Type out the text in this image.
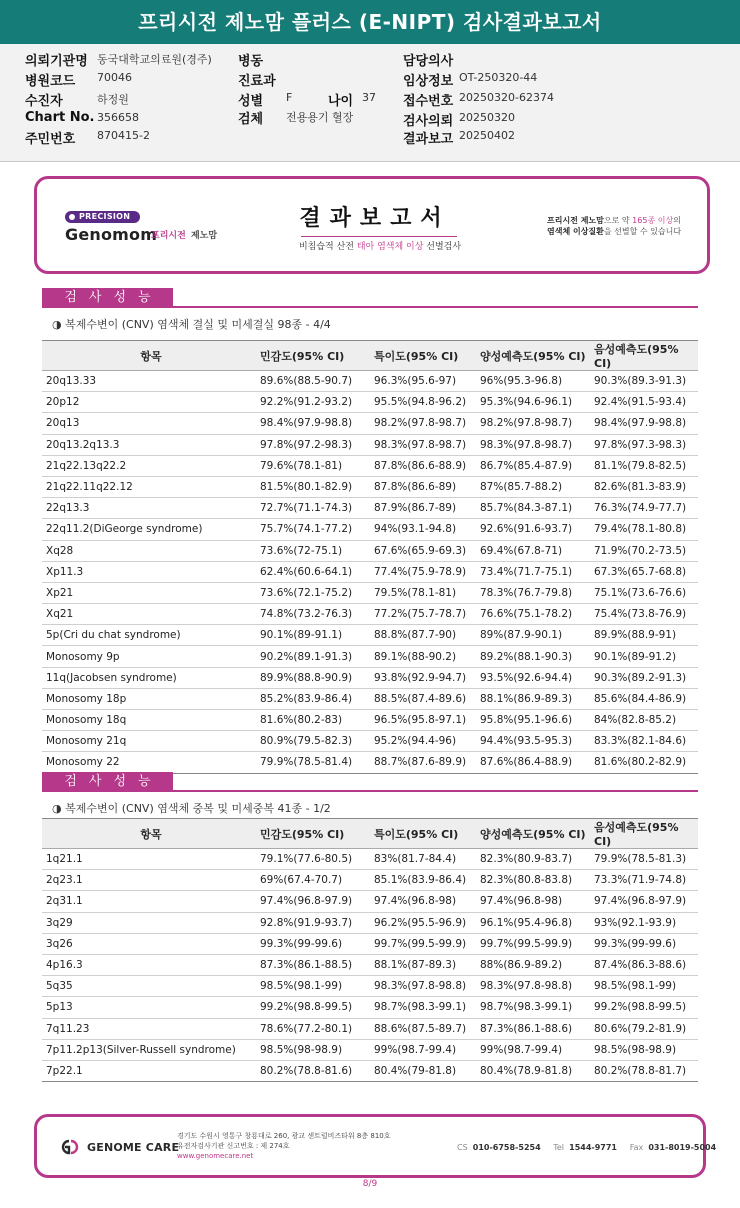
프리시전 제노맘 플러스 (E-NIPT) 검사결과보고서
의뢰기관명 동국대학교의료원(경주)
병원코드 70046
수진자	하정원
Chart No. 356658
주민번호 870415-2
병동
진료과
성별 F	나이 37
검체 전용용기 혈장
담당의사
임상정보 OT-250320-44
접수번호 20250320-62374
검사의뢰 20250320
결과보고 20250402
PRECISION
Genomom
프리시전 제노맘
결과보고서
비침습적 산전 태아 염색체 이상 선별검사
프리시전 제노맘으로 약 165종 이상의
염색체 이상질환을 선별할 수 있습니다
검사성능
◑ 복제수변이 (CNV) 염색체 결실 및 미세결실 98종 - 4/4
항목	민감도(95% CI)	특이도(95% CI)	양성예측도(95% CI)	음성예측도(95% CI)
20q13.33	89.6%(88.5-90.7)	96.3%(95.6-97)	96%(95.3-96.8)	90.3%(89.3-91.3)
20p12	92.2%(91.2-93.2)	95.5%(94.8-96.2)	95.3%(94.6-96.1)	92.4%(91.5-93.4)
20q13	98.4%(97.9-98.8)	98.2%(97.8-98.7)	98.2%(97.8-98.7)	98.4%(97.9-98.8)
20q13.2q13.3	97.8%(97.2-98.3)	98.3%(97.8-98.7)	98.3%(97.8-98.7)	97.8%(97.3-98.3)
21q22.13q22.2	79.6%(78.1-81)	87.8%(86.6-88.9)	86.7%(85.4-87.9)	81.1%(79.8-82.5)
21q22.11q22.12	81.5%(80.1-82.9)	87.8%(86.6-89)	87%(85.7-88.2)	82.6%(81.3-83.9)
22q13.3	72.7%(71.1-74.3)	87.9%(86.7-89)	85.7%(84.3-87.1)	76.3%(74.9-77.7)
22q11.2(DiGeorge syndrome)	75.7%(74.1-77.2)	94%(93.1-94.8)	92.6%(91.6-93.7)	79.4%(78.1-80.8)
Xq28	73.6%(72-75.1)	67.6%(65.9-69.3)	69.4%(67.8-71)	71.9%(70.2-73.5)
Xp11.3	62.4%(60.6-64.1)	77.4%(75.9-78.9)	73.4%(71.7-75.1)	67.3%(65.7-68.8)
Xp21	73.6%(72.1-75.2)	79.5%(78.1-81)	78.3%(76.7-79.8)	75.1%(73.6-76.6)
Xq21	74.8%(73.2-76.3)	77.2%(75.7-78.7)	76.6%(75.1-78.2)	75.4%(73.8-76.9)
5p(Cri du chat syndrome)	90.1%(89-91.1)	88.8%(87.7-90)	89%(87.9-90.1)	89.9%(88.9-91)
Monosomy 9p	90.2%(89.1-91.3)	89.1%(88-90.2)	89.2%(88.1-90.3)	90.1%(89-91.2)
11q(Jacobsen syndrome)	89.9%(88.8-90.9)	93.8%(92.9-94.7)	93.5%(92.6-94.4)	90.3%(89.2-91.3)
Monosomy 18p	85.2%(83.9-86.4)	88.5%(87.4-89.6)	88.1%(86.9-89.3)	85.6%(84.4-86.9)
Monosomy 18q	81.6%(80.2-83)	96.5%(95.8-97.1)	95.8%(95.1-96.6)	84%(82.8-85.2)
Monosomy 21q	80.9%(79.5-82.3)	95.2%(94.4-96)	94.4%(93.5-95.3)	83.3%(82.1-84.6)
Monosomy 22	79.9%(78.5-81.4)	88.7%(87.6-89.9)	87.6%(86.4-88.9)	81.6%(80.2-82.9)
검사성능
◑ 복제수변이 (CNV) 염색체 중복 및 미세중복 41종 - 1/2
항목	민감도(95% CI)	특이도(95% CI)	양성예측도(95% CI)	음성예측도(95% CI)
1q21.1	79.1%(77.6-80.5)	83%(81.7-84.4)	82.3%(80.9-83.7)	79.9%(78.5-81.3)
2q23.1	69%(67.4-70.7)	85.1%(83.9-86.4)	82.3%(80.8-83.8)	73.3%(71.9-74.8)
2q31.1	97.4%(96.8-97.9)	97.4%(96.8-98)	97.4%(96.8-98)	97.4%(96.8-97.9)
3q29	92.8%(91.9-93.7)	96.2%(95.5-96.9)	96.1%(95.4-96.8)	93%(92.1-93.9)
3q26	99.3%(99-99.6)	99.7%(99.5-99.9)	99.7%(99.5-99.9)	99.3%(99-99.6)
4p16.3	87.3%(86.1-88.5)	88.1%(87-89.3)	88%(86.9-89.2)	87.4%(86.3-88.6)
5q35	98.5%(98.1-99)	98.3%(97.8-98.8)	98.3%(97.8-98.8)	98.5%(98.1-99)
5p13	99.2%(98.8-99.5)	98.7%(98.3-99.1)	98.7%(98.3-99.1)	99.2%(98.8-99.5)
7q11.23	78.6%(77.2-80.1)	88.6%(87.5-89.7)	87.3%(86.1-88.6)	80.6%(79.2-81.9)
7p11.2p13(Silver-Russell syndrome)	98.5%(98-98.9)	99%(98.7-99.4)	99%(98.7-99.4)	98.5%(98-98.9)
7p22.1	80.2%(78.8-81.6)	80.4%(79-81.8)	80.4%(78.9-81.8)	80.2%(78.8-81.7)
GENOME CARE
경기도 수원시 영통구 창룡대로 260, 광교 센트럴비즈타워 8층 810호
유전자검사기관 신고번호 : 제 274호
www.genomecare.net
CS 010-6758-5254 Tel 1544-9771 Fax 031-8019-5004
8/9
